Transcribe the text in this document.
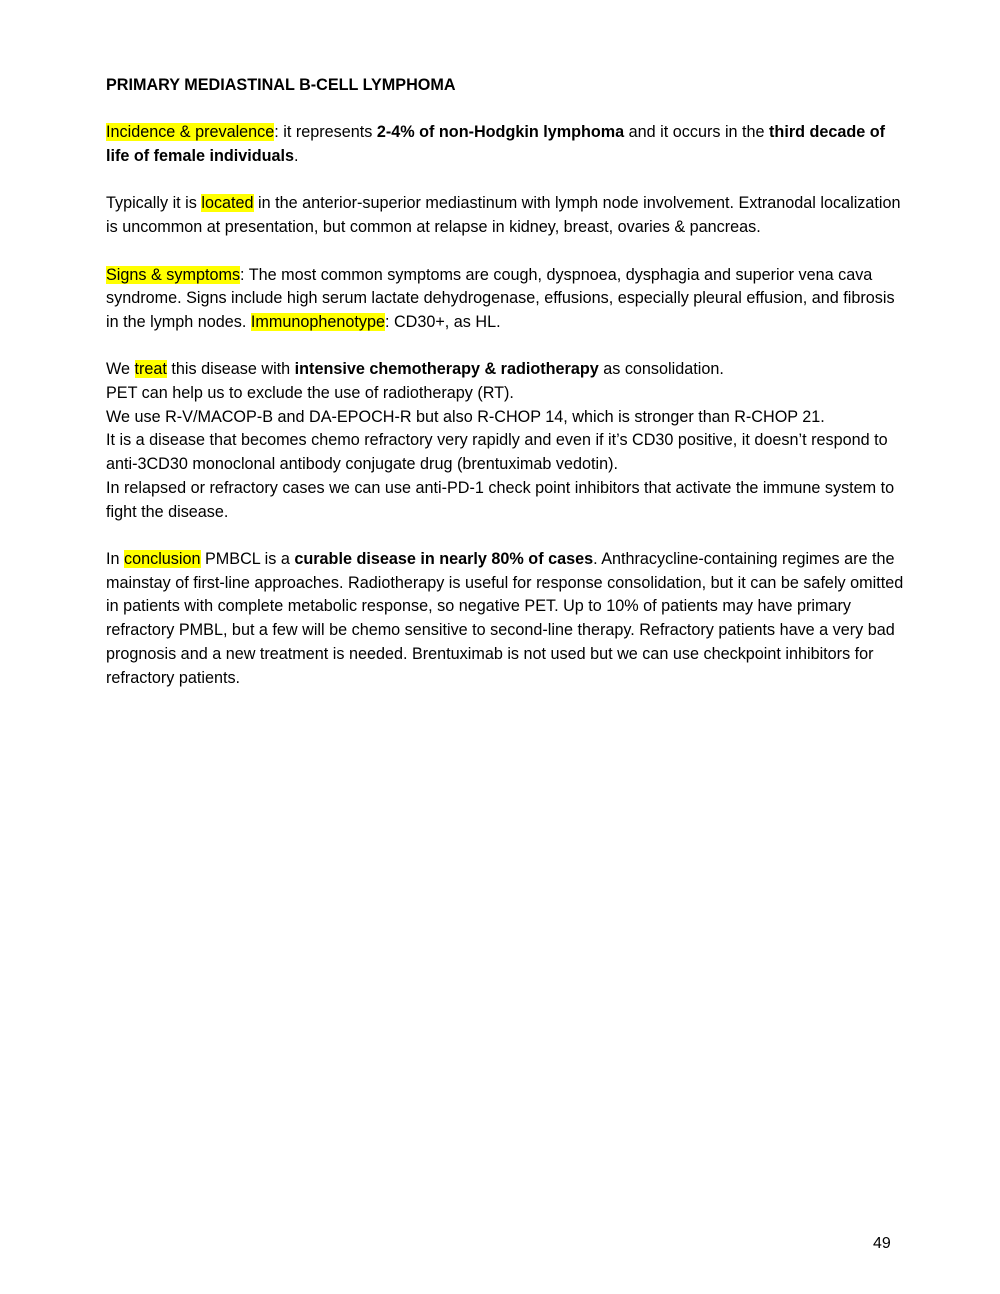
PRIMARY MEDIASTINAL B-CELL LYMPHOMA
Incidence & prevalence: it represents 2-4% of non-Hodgkin lymphoma and it occurs in the third decade of life of female individuals.
Typically it is located in the anterior-superior mediastinum with lymph node involvement. Extranodal localization is uncommon at presentation, but common at relapse in kidney, breast, ovaries & pancreas.
Signs & symptoms: The most common symptoms are cough, dyspnoea, dysphagia and superior vena cava syndrome. Signs include high serum lactate dehydrogenase, effusions, especially pleural effusion, and fibrosis in the lymph nodes. Immunophenotype: CD30+, as HL.
We treat this disease with intensive chemotherapy & radiotherapy as consolidation.
PET can help us to exclude the use of radiotherapy (RT).
We use R-V/MACOP-B and DA-EPOCH-R but also R-CHOP 14, which is stronger than R-CHOP 21.
It is a disease that becomes chemo refractory very rapidly and even if it’s CD30 positive, it doesn’t respond to anti-3CD30 monoclonal antibody conjugate drug (brentuximab vedotin).
In relapsed or refractory cases we can use anti-PD-1 check point inhibitors that activate the immune system to fight the disease.
In conclusion PMBCL is a curable disease in nearly 80% of cases. Anthracycline-containing regimes are the mainstay of first-line approaches. Radiotherapy is useful for response consolidation, but it can be safely omitted in patients with complete metabolic response, so negative PET. Up to 10% of patients may have primary refractory PMBL, but a few will be chemo sensitive to second-line therapy. Refractory patients have a very bad prognosis and a new treatment is needed. Brentuximab is not used but we can use checkpoint inhibitors for refractory patients.
49
